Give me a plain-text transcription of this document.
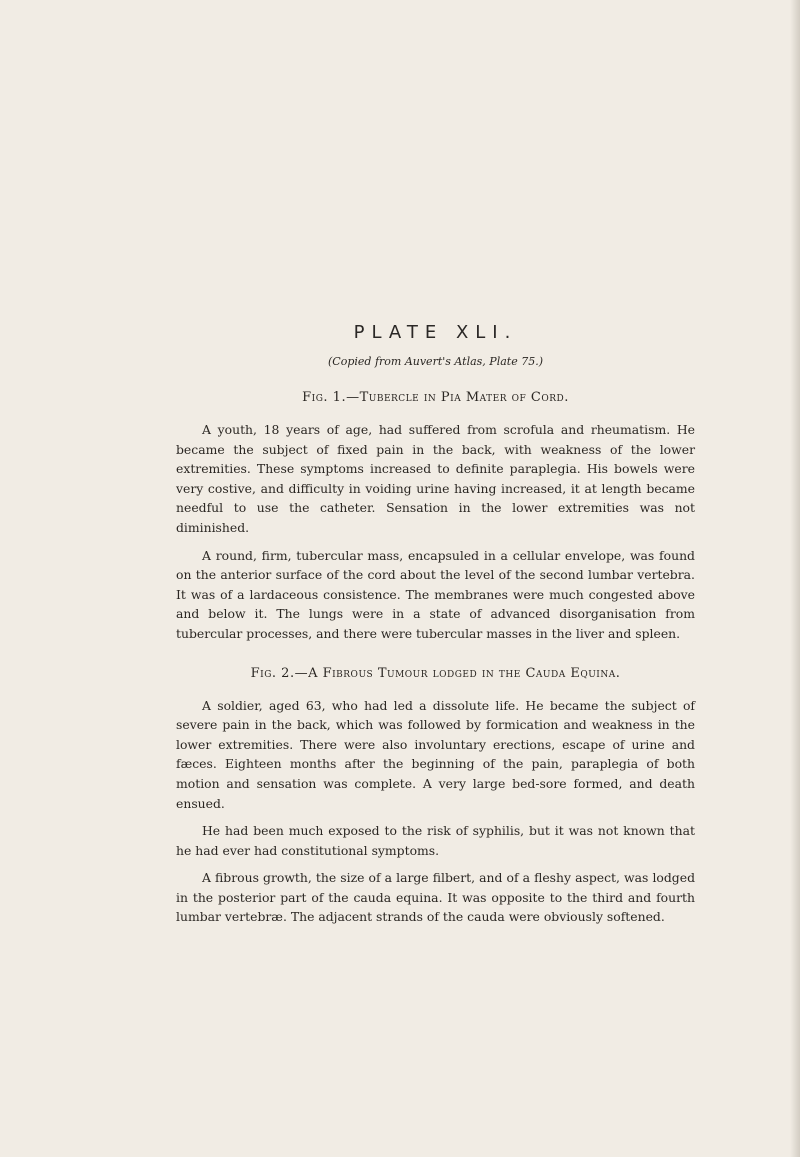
PLATE XLI.
(Copied from Auvert's Atlas, Plate 75.)
Fig. 1.—Tubercle in Pia Mater of Cord.

A youth, 18 years of age, had suffered from scrofula and rheumatism. He became the subject of fixed pain in the back, with weakness of the lower extremities. These symptoms increased to definite paraplegia. His bowels were very costive, and difficulty in voiding urine having increased, it at length became needful to use the catheter. Sensation in the lower extremities was not diminished.

A round, firm, tubercular mass, encapsuled in a cellular envelope, was found on the anterior surface of the cord about the level of the second lumbar vertebra. It was of a lardaceous consistence. The membranes were much congested above and below it. The lungs were in a state of advanced disorganisation from tubercular processes, and there were tubercular masses in the liver and spleen.

Fig. 2.—A Fibrous Tumour lodged in the Cauda Equina.

A soldier, aged 63, who had led a dissolute life. He became the subject of severe pain in the back, which was followed by formication and weakness in the lower extremities. There were also involuntary erections, escape of urine and fæces. Eighteen months after the beginning of the pain, paraplegia of both motion and sensation was complete. A very large bed-sore formed, and death ensued.

He had been much exposed to the risk of syphilis, but it was not known that he had ever had constitutional symptoms.

A fibrous growth, the size of a large filbert, and of a fleshy aspect, was lodged in the posterior part of the cauda equina. It was opposite to the third and fourth lumbar vertebræ. The adjacent strands of the cauda were obviously softened.
